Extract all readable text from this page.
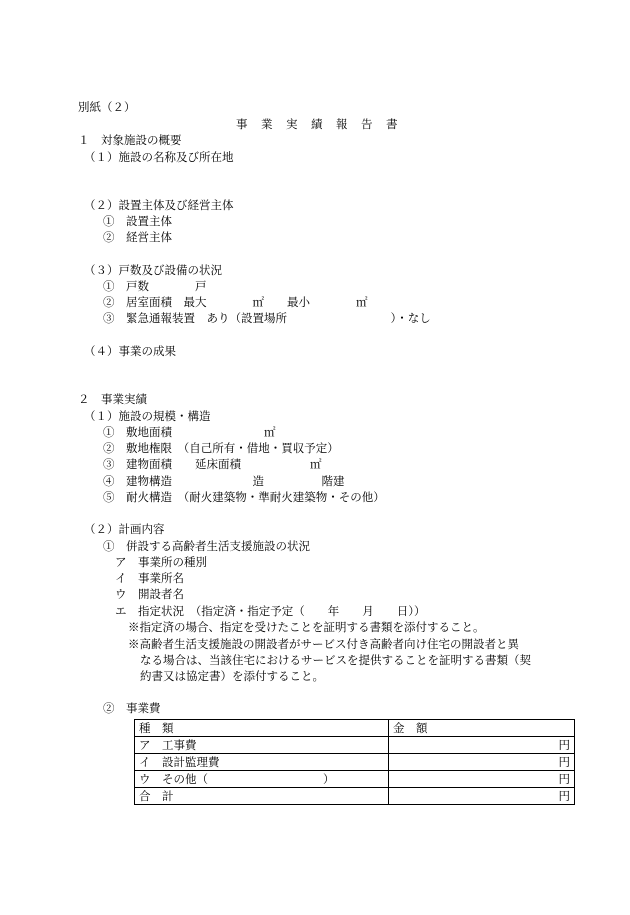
別紙（２）
事　業　実　績　報　告　書
１　対象施設の概要
（１）施設の名称及び所在地
（２）設置主体及び経営主体
①　設置主体
②　経営主体
（３）戸数及び設備の状況
①　戸数　　　　戸
②　居室面積　最大　　　　㎡　　最小　　　　㎡
③　緊急通報装置　あり（設置場所　　　　　　　　　）・なし
（４）事業の成果
２　事業実績
（１）施設の規模・構造
①　敷地面積　　　　　　　　㎡
②　敷地権限　（自己所有・借地・買収予定）
③　建物面積　　延床面積　　　　　　㎡
④　建物構造　　　　　　　造　　　　　階建
⑤　耐火構造　（耐火建築物・準耐火建築物・その他）
（２）計画内容
①　併設する高齢者生活支援施設の状況
ア　事業所の種別
イ　事業所名
ウ　開設者名
エ　指定状況　（指定済・指定予定（　　年　　月　　日））
※指定済の場合、指定を受けたことを証明する書類を添付すること。
※高齢者生活支援施設の開設者がサービス付き高齢者向け住宅の開設者と異
なる場合は、当該住宅におけるサービスを提供することを証明する書類（契
約書又は協定書）を添付すること。
②　事業費
種　類	金　額
ア　工事費	円
イ　設計監理費	円
ウ　その他（　　　　　　　　　　）	円
合　計	円
